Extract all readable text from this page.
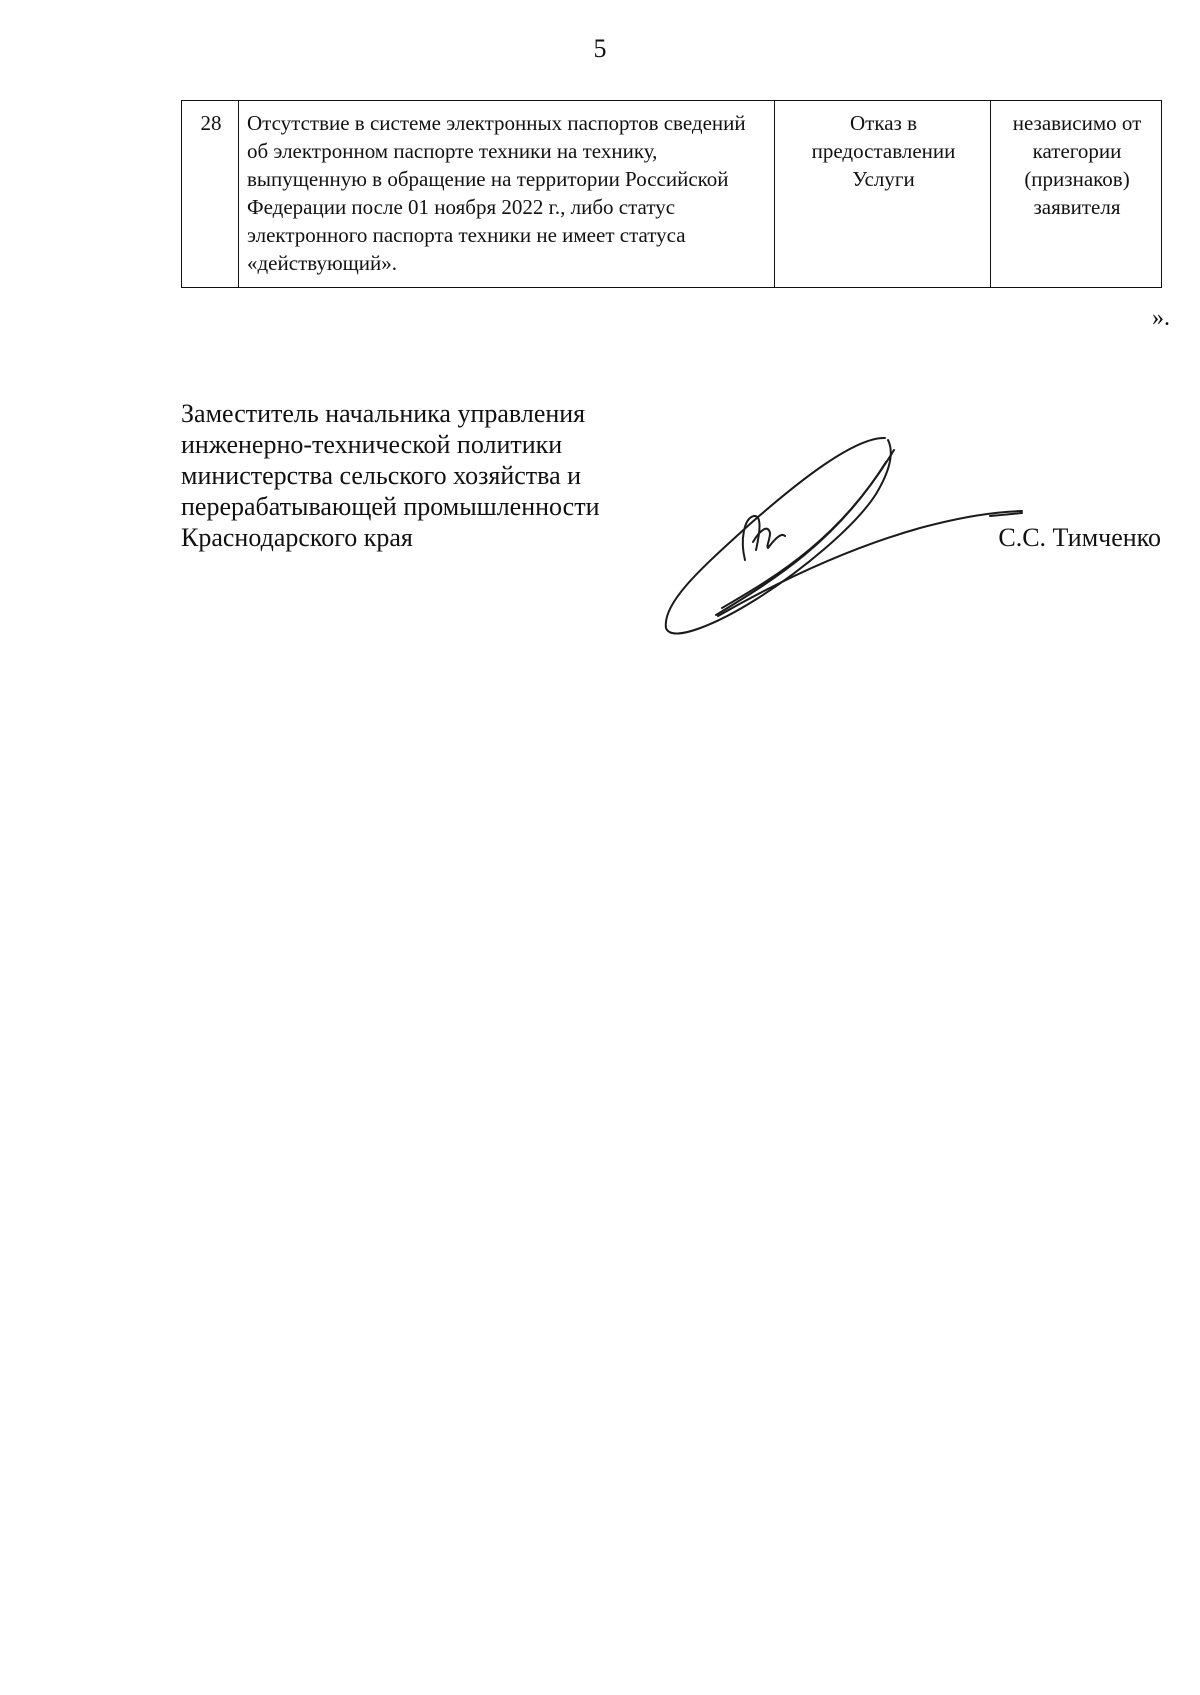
5
28	Отсутствие в системе электронных паспортов сведений об электронном паспорте техники на технику, выпущенную в обращение на территории Российской Федерации после 01 ноября 2022 г., либо статус электронного паспорта техники не имеет статуса «действующий».	Отказ в предоставлении Услуги	независимо от категории (признаков) заявителя
».
Заместитель начальника управления
инженерно-технической политики
министерства сельского хозяйства и
перерабатывающей промышленности
Краснодарского края	С.С. Тимченко
